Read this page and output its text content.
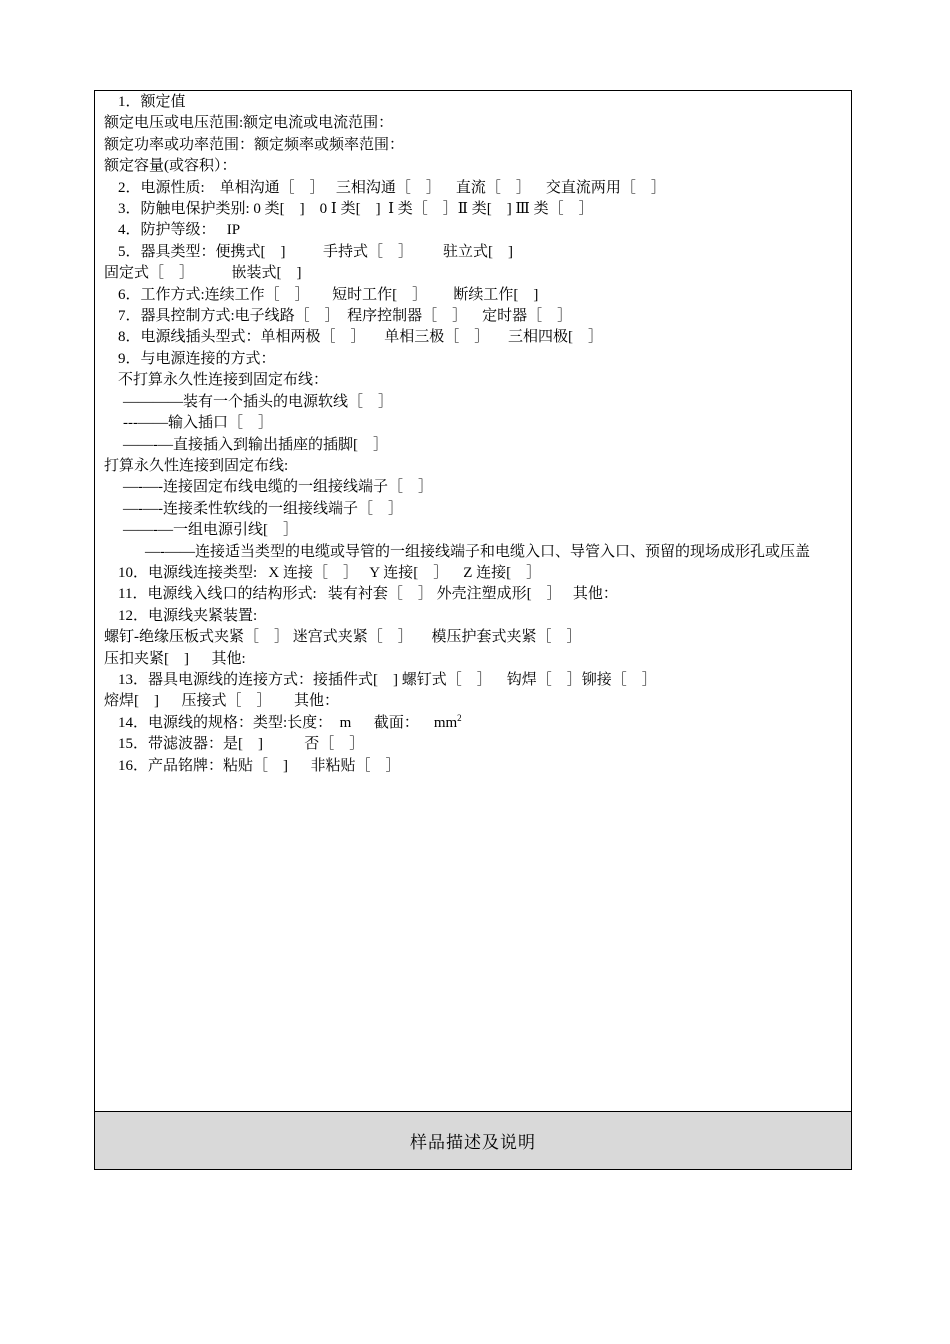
1．额定值
额定电压或电压范围:额定电流或电流范围：
额定功率或功率范围：额定频率或频率范围：
额定容量(或容积）：
2．电源性质:    单相沟通［    ］   三相沟通［    ］    直流［    ］    交直流两用［    ］
3．防触电保护类别: 0 类[    ]    0 Ⅰ 类[    ]  Ⅰ 类［    ］Ⅱ 类[    ] Ⅲ 类［    ］
4．防护等级：   IP
5．器具类型：便携式[    ]          手持式［    ］        驻立式[    ]
固定式［    ］          嵌装式[    ]
6．工作方式:连续工作［    ］      短时工作[    ］       断续工作[    ]
7．器具控制方式:电子线路［    ］  程序控制器［    ］    定时器［    ］
8．电源线插头型式：单相两极［    ］     单相三极［    ］     三相四极[    ］
9．与电源连接的方式：
不打算永久性连接到固定布线：
————装有一个插头的电源软线［    ］
---——输入插口［    ］
——-—直接插入到输出插座的插脚[    ］
打算永久性连接到固定布线:
—-—-连接固定布线电缆的一组接线端子［    ］
—-—-连接柔性软线的一组接线端子［    ］
——-—一组电源引线[    ］
—-——连接适当类型的电缆或导管的一组接线端子和电缆入口、导管入口、预留的现场成形孔或压盖
10．电源线连接类型:   X 连接［    ］   Y 连接[    ］    Z 连接[    ］
11．电源线入线口的结构形式:   装有衬套［    ］ 外壳注塑成形[    ］   其他：
12．电源线夹紧装置:
螺钉-绝缘压板式夹紧［    ］ 迷宫式夹紧［    ］     模压护套式夹紧［    ］
压扣夹紧[    ]      其他:
13．器具电源线的连接方式：接插件式[    ] 螺钉式［    ］    钩焊［    ］铆接［    ］
熔焊[    ]      压接式［    ］      其他：
14．电源线的规格：类型:长度：  m      截面：    $mm^2$
15．带滤波器：是[    ]           否［    ］
16．产品铭牌：粘贴［    ]      非粘贴［    ］
样品描述及说明
